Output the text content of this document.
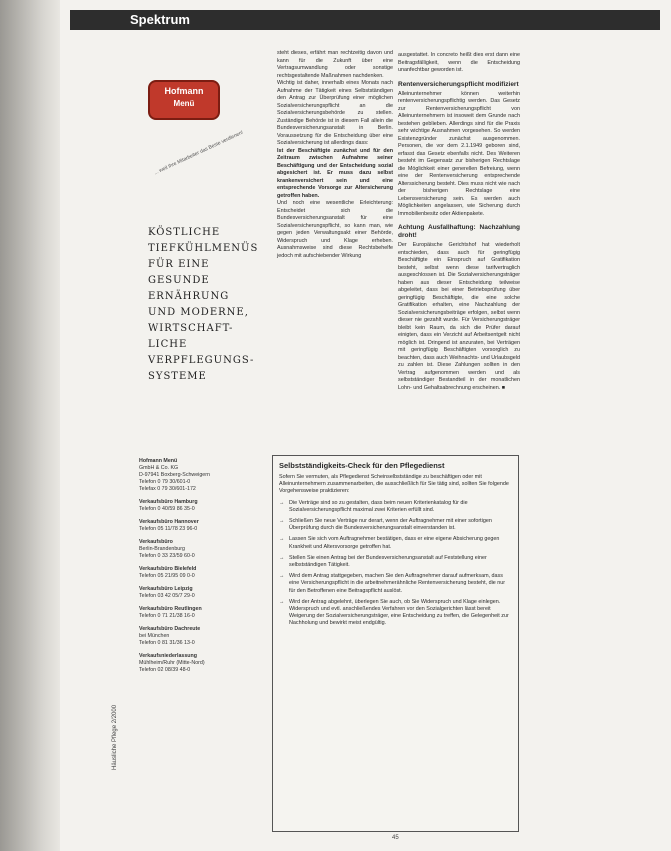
Spektrum
Hofmann
Menü
... weil Ihre Mitarbeiter das Beste verdienen!
KÖSTLICHE
TIEFKÜHLMENÜS
FÜR EINE
GESUNDE
ERNÄHRUNG
UND MODERNE,
WIRTSCHAFT-
LICHE
VERPFLEGUNGS-
SYSTEME
Hofmann Menü
GmbH & Co. KG
D-97941 Boxberg-Schweigern
Telefon 0 79 30/601-0
Telefax 0 79 30/601-172
Verkaufsbüro Hamburg
Telefon 0 40/59 86 35-0
Verkaufsbüro Hannover
Telefon 05 11/78 23 96-0
Verkaufsbüro
Berlin-Brandenburg
Telefon 0 33 23/59 60-0
Verkaufsbüro Bielefeld
Telefon 05 21/95 09 0-0
Verkaufsbüro Leipzig
Telefon 03 42 05/7 29-0
Verkaufsbüro Reutlingen
Telefon 0 71 21/38 16-0
Verkaufsbüro Dachreute
bei München
Telefon 0 81 31/36 13-0
Verkaufsniederlassung
Mühlheim/Ruhr (Mitte-Nord)
Telefon 02 08/39 48-0
Häusliche Pflege 2/2000
steht dieses, erfährt man rechtzeitig davon und kann für die Zukunft über eine Vertragsumwandlung oder sonstige rechtsgestaltende Maßnahmen nachdenken.
Wichtig ist daher, innerhalb eines Monats nach Aufnahme der Tätigkeit eines Selbstständigen den Antrag zur Überprüfung einer möglichen Sozialversicherungspflicht an die Sozialversicherungsbehörde zu stellen. Zuständige Behörde ist in diesem Fall allein die Bundesversicherungsanstalt in Berlin. Voraussetzung für die Entscheidung über eine Sozialversicherung ist allerdings dass:
Ist der Beschäftigte zunächst und für den Zeitraum zwischen Aufnahme seiner Beschäftigung und der Entscheidung sozial abgesichert ist. Er muss dazu selbst krankenversichert sein und eine entsprechende Vorsorge zur Altersicherung getroffen haben.
Und noch eine wesentliche Erleichterung: Entscheidet sich die Bundesversicherungsanstalt für eine Sozialversicherungspflicht, so kann man, wie gegen jeden Verwaltungsakt einer Behörde, Widerspruch und Klage erheben. Ausnahmsweise sind diese Rechtsbehelfe jedoch mit aufschiebender Wirkung
ausgestattet. In concreto heißt dies erst dann eine Beitragsfälligkeit, wenn die Entscheidung unanfechtbar geworden ist.
Rentenversicherungspflicht modifiziert
Alleinunternehmer können weiterhin rentenversicherungspflichtig werden. Das Gesetz zur Rentenversicherungspflicht von Alleinunternehmern ist insoweit dem Grunde nach bestehen geblieben. Allerdings sind für die Praxis sehr wichtige Ausnahmen vorgesehen. So werden Existenzgründer zunächst ausgenommen. Personen, die vor dem 2.1.1949 geboren sind, erfasst das Gesetz ebenfalls nicht. Des Weiteren besteht im Gegensatz zur bisherigen Rechtslage die Möglichkeit einer generellen Befreiung, wenn eine der Rentenversicherung entsprechende Alterssicherung besteht. Dies muss nicht wie nach der bisherigen Rechtslage eine Lebensversicherung sein. Es werden auch Möglichkeiten angelassen, wie Sicherung durch Immobilienbesitz oder Aktienpakete.
Achtung Ausfallhaftung: Nachzahlung droht!
Der Europäische Gerichtshof hat wiederholt entschieden, dass auch für geringfügig Beschäftigte ein Einspruch auf Gratifikation besteht, selbst wenn diese tarifvertraglich ausgeschlossen ist. Die Sozialversicherungsträger haben aus dieser Entscheidung teilweise abgeleitet, dass bei einer Betriebsprüfung über geringfügig Beschäftigte, die eine solche Gratifikation erhalten, eine Nachzahlung der Sozialversicherungsbeiträge erfolgen, selbst wenn dieser nie gezahlt wurde. Für Versicherungsträger bleibt kein Raum, da sich die Prüfer darauf einigten, dass ein Verzicht auf Arbeitsentgelt nicht möglich ist. Dringend ist anzuraten, bei Verträgen mit geringfügig Beschäftigten vorsorglich zu beachten, dass auch Weihnachts- und Urlaubsgeld zu zahlen ist. Diese Zahlungen sollten in den Vertrag aufgenommen werden und als selbstständiger Bestandteil in der monatlichen Lohn- und Gehaltsabrechnung erscheinen. ■
Selbstständigkeits-Check für den Pflegedienst

Sofern Sie vermuten, als Pflegedienst Scheinselbstständige zu beschäftigen oder mit Alleinunternehmern zusammenarbeiten, die ausschließlich für Sie tätig sind, sollten Sie folgende Vorgehensweise praktizieren:

→ Die Verträge sind so zu gestalten, dass beim neuen Kriterienkatalog für die Sozialversicherungspflicht maximal zwei Kriterien erfüllt sind.
→ Schließen Sie neue Verträge nur derart, wenn der Auftragnehmer mit einer sofortigen Überprüfung durch die Bundesversicherungsanstalt einverstanden ist.
→ Lassen Sie sich vom Auftragnehmer bestätigen, dass er eine eigene Absicherung gegen Krankheit und Altersvorsorge getroffen hat.
→ Stellen Sie einen Antrag bei der Bundesversicherungsanstalt auf Feststellung einer selbstständigen Tätigkeit.
→ Wird dem Antrag stattgegeben, machen Sie den Auftragnehmer darauf aufmerksam, dass eine Versicherungspflicht in die arbeitnehmerähnliche Rentenversicherung besteht, die nur für den Betroffenen eine Beitragspflicht auslöst.
→ Wird der Antrag abgelehnt, überlegen Sie auch, ob Sie Widerspruch und Klage einlegen. Widerspruch und evtl. anschließendes Verfahren vor den Sozialgerichten lässt bereit Weigerung der Sozialversicherungsträger, eine Entscheidung zu treffen, die Gelegenheit zur Nachholung und bewirkt meist endgültig.
45
